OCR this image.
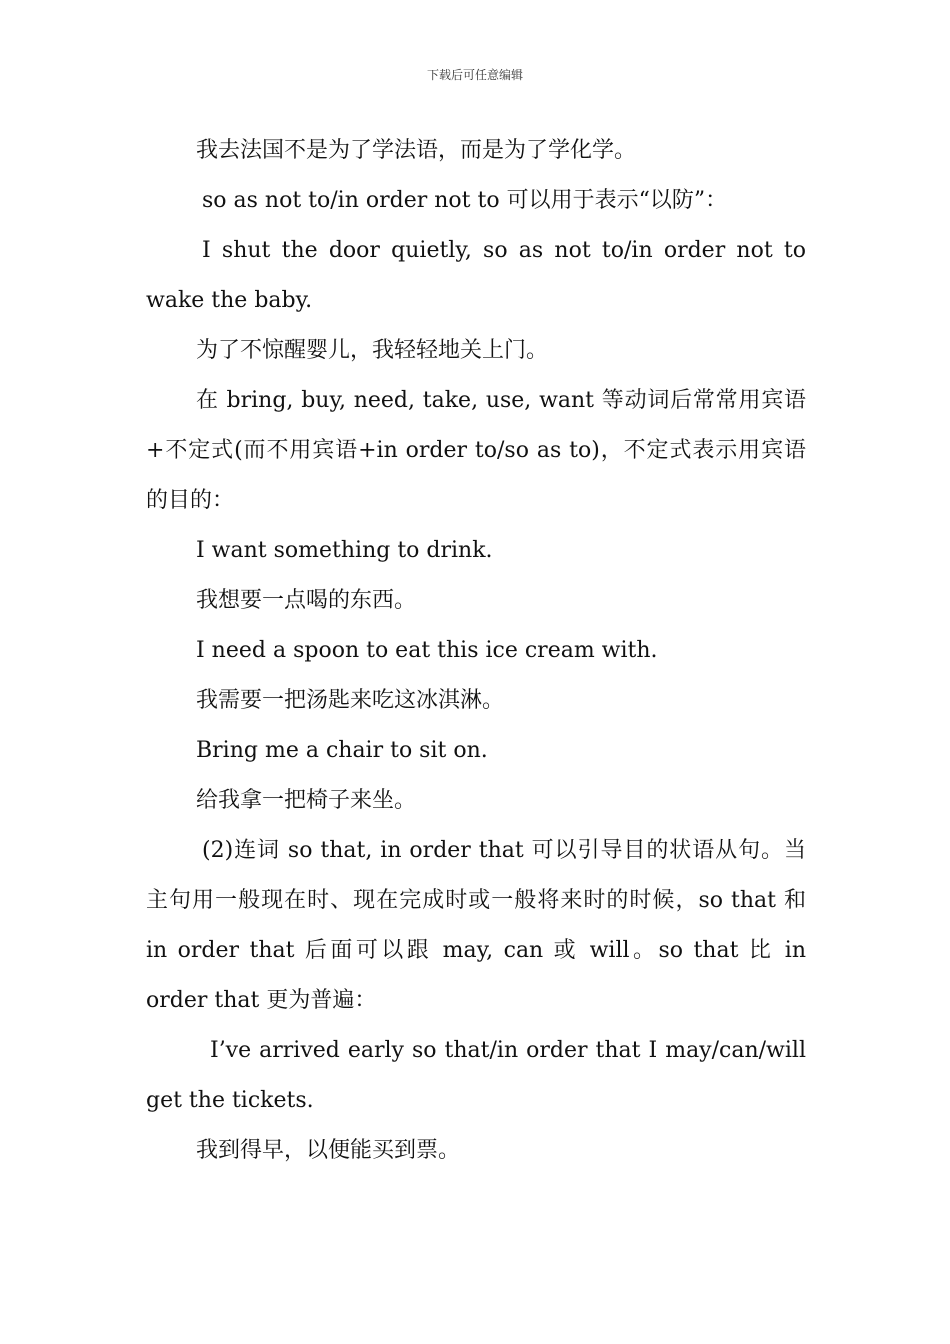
下载后可任意编辑

我去法国不是为了学法语，而是为了学化学。

so as not to/in order not to 可以用于表示“以防”：

I shut the door quietly, so as not to/in order not to wake the baby.

为了不惊醒婴儿，我轻轻地关上门。

在 bring, buy, need, take, use, want 等动词后常常用宾语+不定式(而不用宾语+in order to/so as to)，不定式表示用宾语的目的：

I want something to drink.

我想要一点喝的东西。

I need a spoon to eat this ice cream with.

我需要一把汤匙来吃这冰淇淋。

Bring me a chair to sit on.

给我拿一把椅子来坐。

(2)连词 so that, in order that 可以引导目的状语从句。当主句用一般现在时、现在完成时或一般将来时的时候，so that 和 in order that 后面可以跟 may, can 或 will。so that 比 in order that 更为普遍：

I’ve arrived early so that/in order that I may/can/will get the tickets.

我到得早，以便能买到票。
